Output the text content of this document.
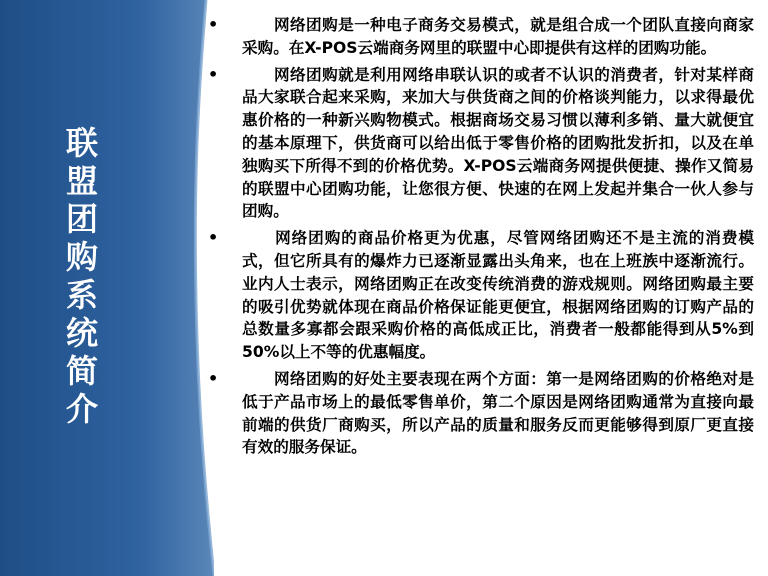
联
盟
团
购
系
统
简
介
• 　　网络团购是一种电子商务交易模式，就是组合成一个团队直接向商家采购。在X-POS云端商务网里的联盟中心即提供有这样的团购功能。
• 　　网络团购就是利用网络串联认识的或者不认识的消费者，针对某样商品大家联合起来采购，来加大与供货商之间的价格谈判能力，以求得最优惠价格的一种新兴购物模式。根据商场交易习惯以薄利多销、量大就便宜的基本原理下，供货商可以给出低于零售价格的团购批发折扣，以及在单独购买下所得不到的价格优势。X-POS云端商务网提供便捷、操作又简易的联盟中心团购功能，让您很方便、快速的在网上发起并集合一伙人参与团购。
• 　　网络团购的商品价格更为优惠，尽管网络团购还不是主流的消费模式，但它所具有的爆炸力已逐渐显露出头角来，也在上班族中逐渐流行。业内人士表示，网络团购正在改变传统消费的游戏规则。网络团购最主要的吸引优势就体现在商品价格保证能更便宜，根据网络团购的订购产品的总数量多寡都会跟采购价格的高低成正比，消费者一般都能得到从5%到50%以上不等的优惠幅度。
• 　　网络团购的好处主要表现在两个方面：第一是网络团购的价格绝对是低于产品市场上的最低零售单价，第二个原因是网络团购通常为直接向最前端的供货厂商购买，所以产品的质量和服务反而更能够得到原厂更直接有效的服务保证。
